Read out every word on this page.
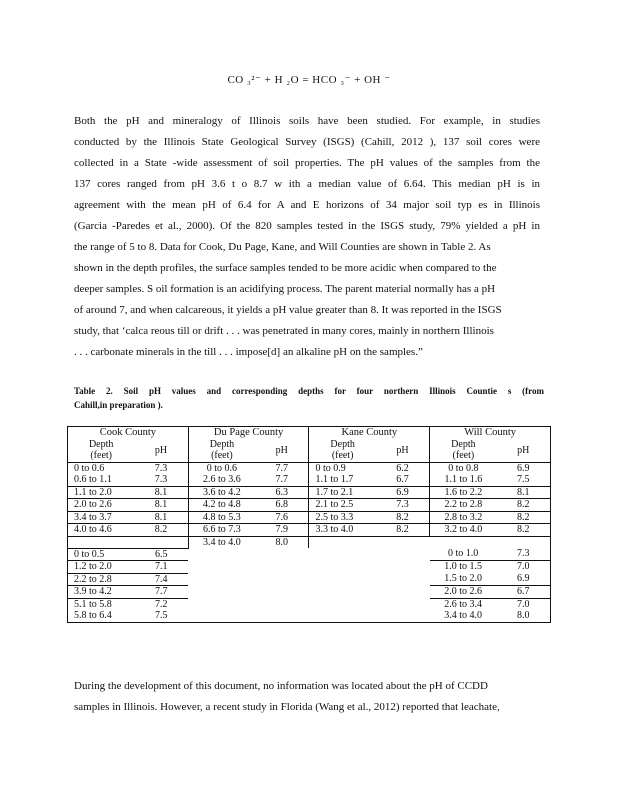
CO ₃²⁻ + H ₂O = HCO ₃⁻ + OH ⁻
Both the pH and mineralogy of Illinois soils have been studied. For example, in studies
conducted by the Illinois State Geological Survey (ISGS) (Cahill, 2012 ), 137 soil cores were
collected in a State -wide assessment of soil properties. The pH values of the samples from the
137 cores ranged from pH 3.6 t o 8.7 w ith a median value of 6.64. This median pH is in
agreement with the mean pH of 6.4 for A and E horizons of 34 major soil typ es in Illinois
(Garcia -Paredes et al., 2000). Of the 820 samples tested in the ISGS study, 79% yielded a pH in
the range of 5 to 8. Data for Cook, Du Page, Kane, and Will Counties are shown in Table 2. As
shown in the depth profiles, the surface samples tended to be more acidic when compared to the
deeper samples. S oil formation is an acidifying process. The parent material normally has a pH
of around 7, and when calcareous, it yields a pH value greater than 8. It was reported in the ISGS
study, that ‘calca reous till or drift . . . was penetrated in many cores, mainly in northern Illinois
. . . carbonate minerals in the till . . . impose[d] an alkaline pH on the samples.”
Table 2. Soil pH values and corresponding depths for four northern Illinois Countie s (from
Cahill,in preparation ).
Cook County		Du Page County		Kane County		Will County	
Depth
(feet)	pH	Depth
(feet)	pH	Depth
(feet)	pH	Depth
(feet)	pH
0 to 0.6	7.3	0 to 0.6	7.7	0 to 0.9	6.2	0 to 0.8	6.9
0.6 to 1.1	7.3	2.6 to 3.6	7.7	1.1 to 1.7	6.7	1.1 to 1.6	7.5
1.1 to 2.0	8.1	3.6 to 4.2	6.3	1.7 to 2.1	6.9	1.6 to 2.2	8.1
2.0 to 2.6	8.1	4.2 to 4.8	6.8	2.1 to 2.5	7.3	2.2 to 2.8	8.2
3.4 to 3.7	8.1	4.8 to 5.3	7.6	2.5 to 3.3	8.2	2.8 to 3.2	8.2
4.0 to 4.6	8.2	6.6 to 7.3	7.9	3.3 to 4.0	8.2	3.2 to 4.0	8.2
		3.4 to 4.0	8.0				
0 to 0.5	6.5					0 to 1.0	7.3
1.2 to 2.0	7.1					1.0 to 1.5	7.0
2.2 to 2.8	7.4					1.5 to 2.0	6.9
3.9 to 4.2	7.7					2.0 to 2.6	6.7
5.1 to 5.8	7.2					2.6 to 3.4	7.0
5.8 to 6.4	7.5					3.4 to 4.0	8.0
During the development of this document, no information was located about the pH of CCDD
samples in Illinois. However, a recent study in Florida (Wang et al., 2012) reported that leachate,
